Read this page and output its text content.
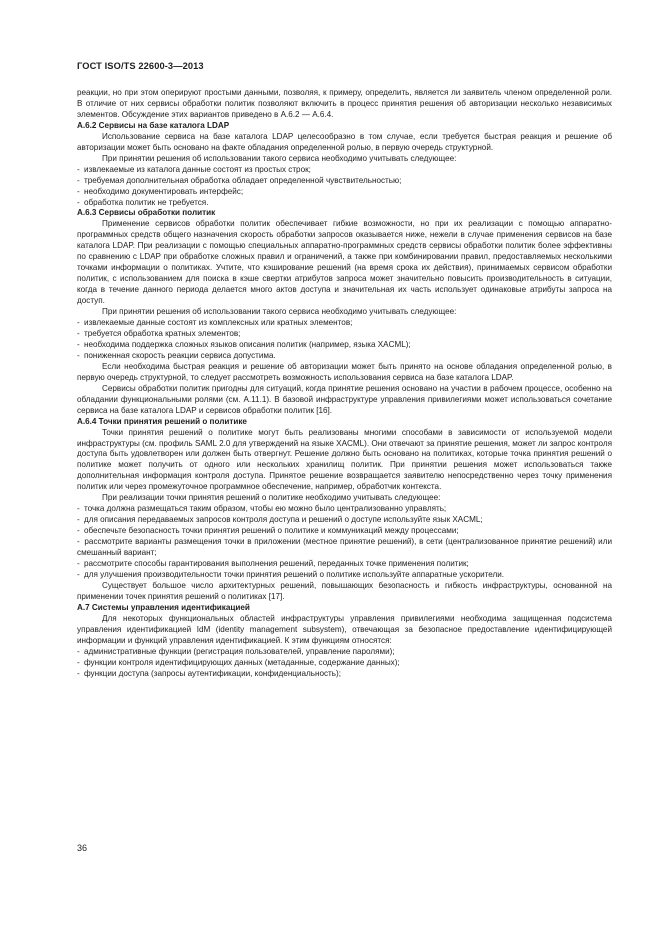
ГОСТ ISO/TS 22600-3—2013

реакции, но при этом оперируют простыми данными, позволяя, к примеру, определить, является ли заявитель членом определенной роли. В отличие от них сервисы обработки политик позволяют включить в процесс принятия решения об авторизации несколько независимых элементов. Обсуждение этих вариантов приведено в А.6.2 — А.6.4.

А.6.2 Сервисы на базе каталога LDAP

Использование сервиса на базе каталога LDAP целесообразно в том случае, если требуется быстрая реакция и решение об авторизации может быть основано на факте обладания определенной ролью, в первую очередь структурной.

При принятии решения об использовании такого сервиса необходимо учитывать следующее:

- извлекаемые из каталога данные состоят из простых строк;

- требуемая дополнительная обработка обладает определенной чувствительностью;

- необходимо документировать интерфейс;

- обработка политик не требуется.

А.6.3 Сервисы обработки политик

Применение сервисов обработки политик обеспечивает гибкие возможности, но при их реализации с помощью аппаратно-программных средств общего назначения скорость обработки запросов оказывается ниже, нежели в случае применения сервисов на базе каталога LDAP. При реализации с помощью специальных аппаратно-программных средств сервисы обработки политик более эффективны по сравнению с LDAP при обработке сложных правил и ограничений, а также при комбинировании правил, предоставляемых несколькими точками информации о политиках. Учтите, что кэширование решений (на время срока их действия), принимаемых сервисом обработки политик, с использованием для поиска в кэше свертки атрибутов запроса может значительно повысить производительность в ситуации, когда в течение данного периода делается много актов доступа и значительная их часть использует одинаковые атрибуты запроса на доступ.

При принятии решения об использовании такого сервиса необходимо учитывать следующее:

- извлекаемые данные состоят из комплексных или кратных элементов;

- требуется обработка кратных элементов;

- необходима поддержка сложных языков описания политик (например, языка XACML);

- пониженная скорость реакции сервиса допустима.

Если необходима быстрая реакция и решение об авторизации может быть принято на основе обладания определенной ролью, в первую очередь структурной, то следует рассмотреть возможность использования сервиса на базе каталога LDAP.

Сервисы обработки политик пригодны для ситуаций, когда принятие решения основано на участии в рабочем процессе, особенно на обладании функциональными ролями (см. А.11.1). В базовой инфраструктуре управления привилегиями может использоваться сочетание сервиса на базе каталога LDAP и сервисов обработки политик [16].

А.6.4 Точки принятия решений о политике

Точки принятия решений о политике могут быть реализованы многими способами в зависимости от используемой модели инфраструктуры (см. профиль SAML 2.0 для утверждений на языке XACML). Они отвечают за принятие решения, может ли запрос контроля доступа быть удовлетворен или должен быть отвергнут. Решение должно быть основано на политиках, которые точка принятия решений о политике может получить от одного или нескольких хранилищ политик. При принятии решения может использоваться также дополнительная информация контроля доступа. Принятое решение возвращается заявителю непосредственно через точку применения политик или через промежуточное программное обеспечение, например, обработчик контекста.

При реализации точки принятия решений о политике необходимо учитывать следующее:

- точка должна размещаться таким образом, чтобы ею можно было централизованно управлять;

- для описания передаваемых запросов контроля доступа и решений о доступе используйте язык XACML;

- обеспечьте безопасность точки принятия решений о политике и коммуникаций между процессами;

- рассмотрите варианты размещения точки в приложении (местное принятие решений), в сети (централизованное принятие решений) или смешанный вариант;

- рассмотрите способы гарантирования выполнения решений, переданных точке применения политик;

- для улучшения производительности точки принятия решений о политике используйте аппаратные ускорители.

Существует большое число архитектурных решений, повышающих безопасность и гибкость инфраструктуры, основанной на применении точек принятия решений о политиках [17].

А.7 Системы управления идентификацией

Для некоторых функциональных областей инфраструктуры управления привилегиями необходима защищенная подсистема управления идентификацией IdM (identity management subsystem), отвечающая за безопасное предоставление идентифицирующей информации и функций управления идентификацией. К этим функциям относятся:

- административные функции (регистрация пользователей, управление паролями);

- функции контроля идентифицирующих данных (метаданные, содержание данных);

- функции доступа (запросы аутентификации, конфиденциальность);

36
